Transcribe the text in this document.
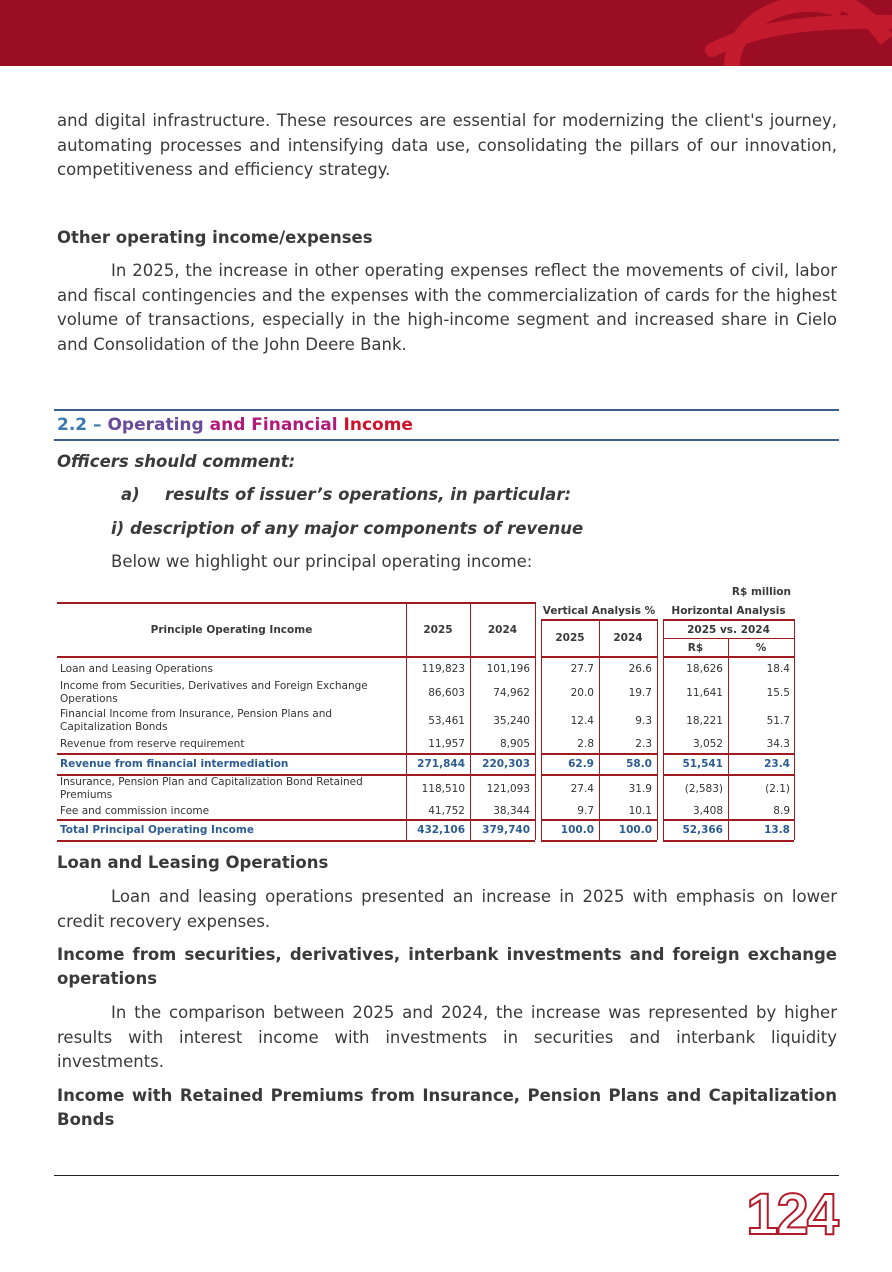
and digital infrastructure. These resources are essential for modernizing the client's journey, automating processes and intensifying data use, consolidating the pillars of our innovation, competitiveness and efficiency strategy.

Other operating income/expenses

In 2025, the increase in other operating expenses reflect the movements of civil, labor and fiscal contingencies and the expenses with the commercialization of cards for the highest volume of transactions, especially in the high-income segment and increased share in Cielo and Consolidation of the John Deere Bank.

2.2 – Operating and Financial Income
Officers should comment:
a) results of issuer’s operations, in particular:
i) description of any major components of revenue
Below we highlight our principal operating income:
R$ million
Principle Operating Income	2025	2024
Vertical Analysis %
2025	2024
Horizontal Analysis
2025 vs. 2024
R$	%
Loan and Leasing Operations	119,823	101,196	27.7	26.6	18,626	18.4
Income from Securities, Derivatives and Foreign Exchange Operations
86,603	74,962	20.0	19.7	11,641	15.5
Financial Income from Insurance, Pension Plans and Capitalization Bonds
53,461	35,240	12.4	9.3	18,221	51.7
Revenue from reserve requirement	11,957	8,905	2.8	2.3	3,052	34.3
Revenue from financial intermediation	271,844	220,303	62.9	58.0	51,541	23.4
Insurance, Pension Plan and Capitalization Bond Retained Premiums
118,510	121,093	27.4	31.9	(2,583)	(2.1)
Fee and commission income	41,752	38,344	9.7	10.1	3,408	8.9
Total Principal Operating Income	432,106	379,740	100.0	100.0	52,366	13.8
Loan and Leasing Operations

Loan and leasing operations presented an increase in 2025 with emphasis on lower credit recovery expenses.

Income from securities, derivatives, interbank investments and foreign exchange operations

In the comparison between 2025 and 2024, the increase was represented by higher results with interest income with investments in securities and interbank liquidity investments.

Income with Retained Premiums from Insurance, Pension Plans and Capitalization Bonds
124
